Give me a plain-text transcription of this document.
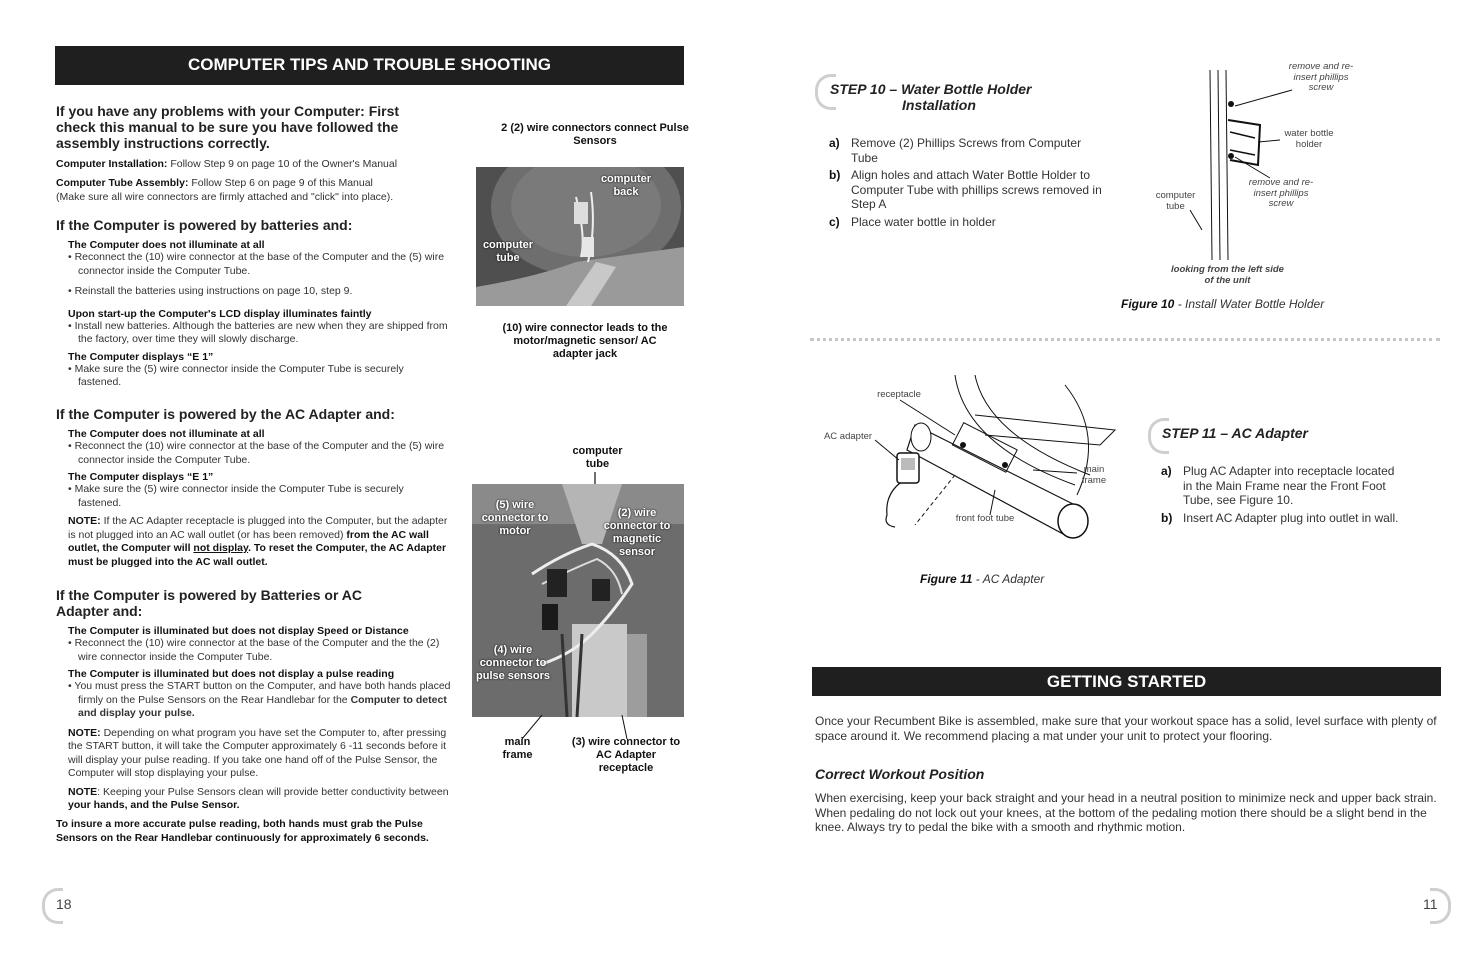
COMPUTER TIPS AND TROUBLE SHOOTING
If you have any problems with your Computer: First check this manual to be sure you have followed the assembly instructions correctly.
Computer Installation: Follow Step 9 on page 10 of the Owner's Manual
Computer Tube Assembly: Follow Step 6 on page 9 of this Manual
(Make sure all wire connectors are firmly attached and "click" into place).
If the Computer is powered by batteries and:
The Computer does not illuminate at all
• Reconnect the (10) wire connector at the base of the Computer and the (5) wire connector inside the Computer Tube.
• Reinstall the batteries using instructions on page 10, step 9.
Upon start-up the Computer's LCD display illuminates faintly
• Install new batteries. Although the batteries are new when they are shipped from the factory, over time they will slowly discharge.
The Computer displays “E 1”
• Make sure the (5) wire connector inside the Computer Tube is securely fastened.
If the Computer is powered by the AC Adapter and:
The Computer does not illuminate at all
• Reconnect the (10) wire connector at the base of the Computer and the (5) wire connector inside the Computer Tube.
The Computer displays “E 1”
• Make sure the (5) wire connector inside the Computer Tube is securely fastened.
NOTE: If the AC Adapter receptacle is plugged into the Computer, but the adapter is not plugged into an AC wall outlet (or has been removed) from the AC wall outlet, the Computer will not display. To reset the Computer, the AC Adapter must be plugged into the AC wall outlet.
If the Computer is powered by Batteries or AC Adapter and:
The Computer is illuminated but does not display Speed or Distance
• Reconnect the (10) wire connector at the base of the Computer and the the (2) wire connector inside the Computer Tube.
The Computer is illuminated but does not display a pulse reading
• You must press the START button on the Computer, and have both hands placed firmly on the Pulse Sensors on the Rear Handlebar for the Computer to detect and display your pulse.
NOTE: Depending on what program you have set the Computer to, after pressing the START button, it will take the Computer approximately 6 -11 seconds before it will display your pulse reading. If you take one hand off of the Pulse Sensor, the Computer will stop displaying your pulse.
NOTE: Keeping your Pulse Sensors clean will provide better conductivity between your hands, and the Pulse Sensor.
To insure a more accurate pulse reading, both hands must grab the Pulse Sensors on the Rear Handlebar continuously for approximately 6 seconds.
2 (2) wire connectors connect Pulse Sensors
computer back
computer tube
(10) wire connector leads to the motor/magnetic sensor/ AC adapter jack
computer tube
(5) wire connector to motor
(2) wire connector to magnetic sensor
(4) wire connector to pulse sensors
main frame
(3) wire connector to AC Adapter receptacle
18
STEP 10 – Water Bottle Holder
Installation
a) Remove (2) Phillips Screws from Computer Tube
b) Align holes and attach Water Bottle Holder to Computer Tube with phillips screws removed in Step A
c) Place water bottle in holder
remove and re-insert phillips screw
water bottle holder
remove and re-insert phillips screw
computer tube
looking from the left side of the unit
Figure 10 - Install Water Bottle Holder
receptacle
AC adapter
main frame
front foot tube
Figure 11 - AC Adapter
STEP 11 – AC Adapter
a) Plug AC Adapter into receptacle located in the Main Frame near the Front Foot Tube, see Figure 10.
b) Insert AC Adapter plug into outlet in wall.
GETTING STARTED
Once your Recumbent Bike is assembled, make sure that your workout space has a solid, level surface with plenty of space around it. We recommend placing a mat under your unit to protect your flooring.
Correct Workout Position
When exercising, keep your back straight and your head in a neutral position to minimize neck and upper back strain. When pedaling do not lock out your knees, at the bottom of the pedaling motion there should be a slight bend in the knee. Always try to pedal the bike with a smooth and rhythmic motion.
11
